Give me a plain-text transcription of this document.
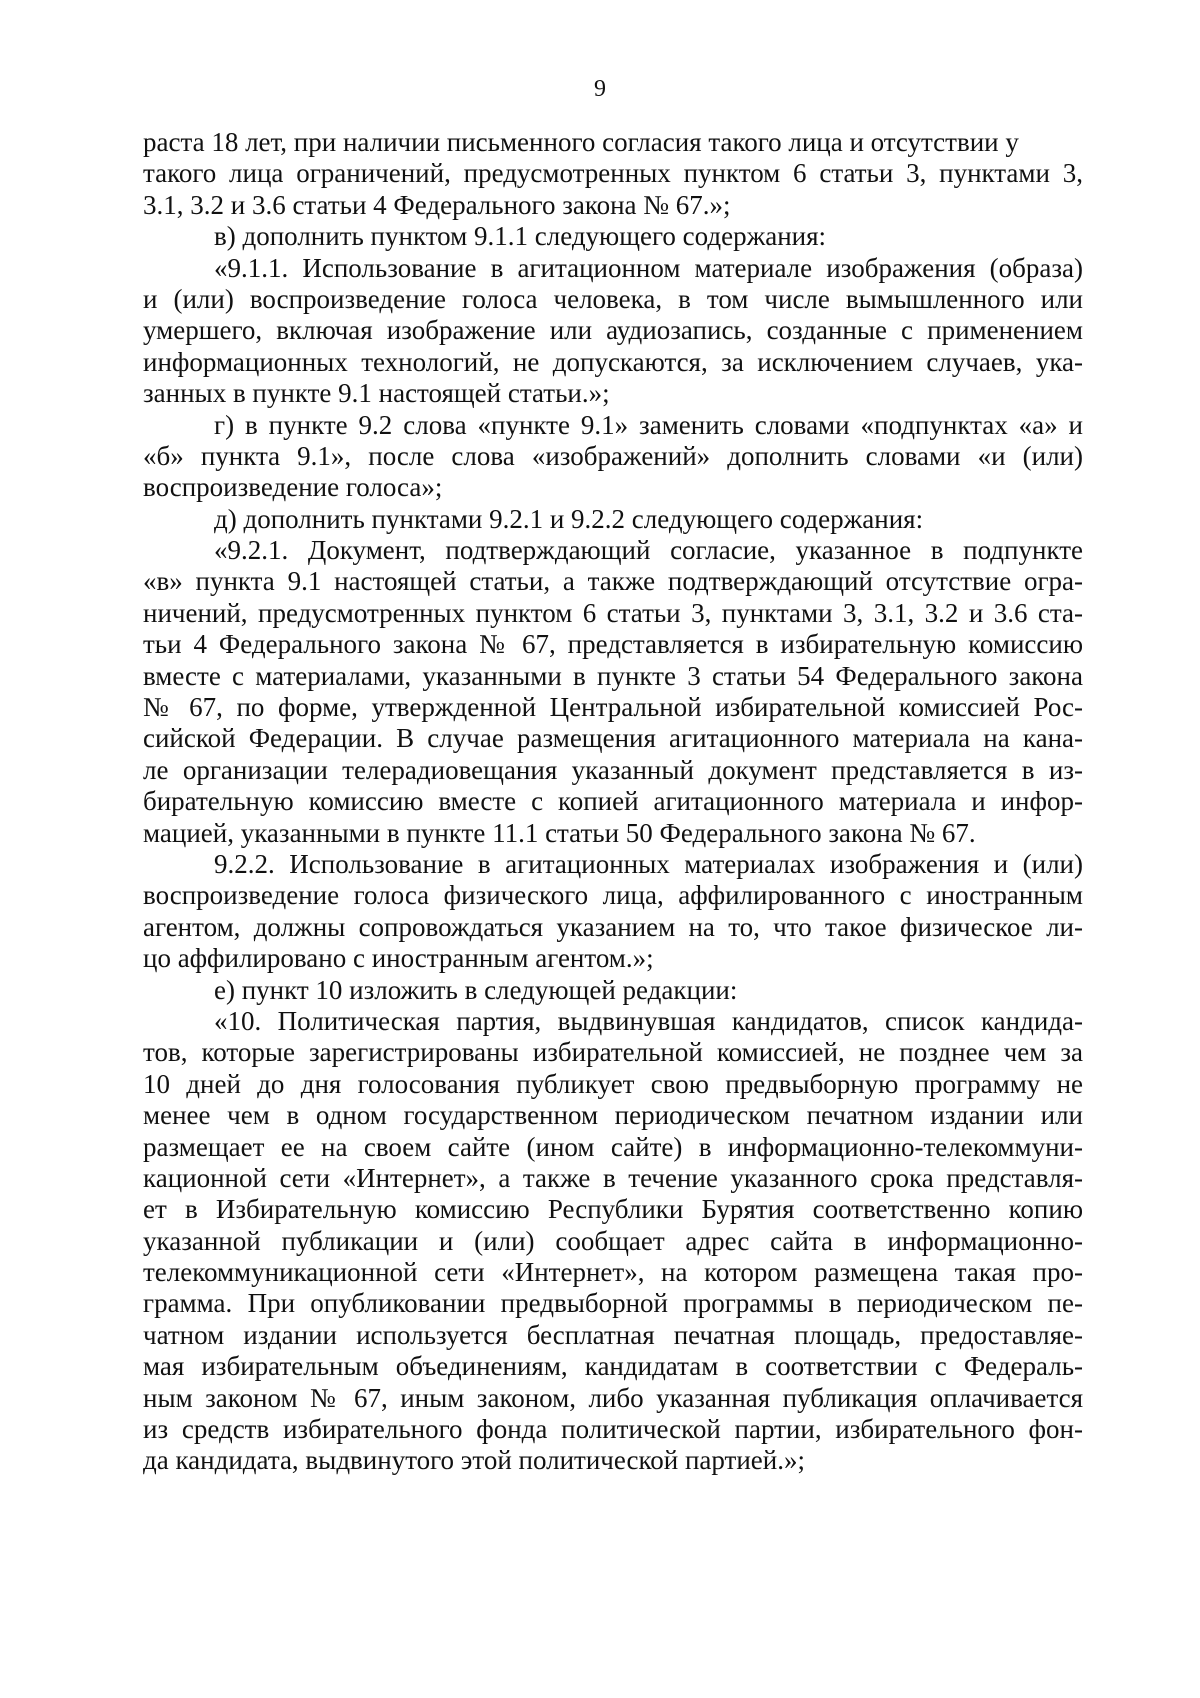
9
раста 18 лет, при наличии письменного согласия такого лица и отсутствии у
такого лица ограничений, предусмотренных пунктом 6 статьи 3, пунктами 3,
3.1, 3.2 и 3.6 статьи 4 Федерального закона № 67.»;
в) дополнить пунктом 9.1.1 следующего содержания:
«9.1.1. Использование в агитационном материале изображения (образа)
и (или) воспроизведение голоса человека, в том числе вымышленного или
умершего, включая изображение или аудиозапись, созданные с применением
информационных технологий, не допускаются, за исключением случаев, ука-
занных в пункте 9.1 настоящей статьи.»;
г) в пункте 9.2 слова «пункте 9.1» заменить словами «подпунктах «а» и
«б» пункта 9.1», после слова «изображений» дополнить словами «и (или)
воспроизведение голоса»;
д) дополнить пунктами 9.2.1 и 9.2.2 следующего содержания:
«9.2.1. Документ, подтверждающий согласие, указанное в подпункте
«в» пункта 9.1 настоящей статьи, а также подтверждающий отсутствие огра-
ничений, предусмотренных пунктом 6 статьи 3, пунктами 3, 3.1, 3.2 и 3.6 ста-
тьи 4 Федерального закона № 67, представляется в избирательную комиссию
вместе с материалами, указанными в пункте 3 статьи 54 Федерального закона
№ 67, по форме, утвержденной Центральной избирательной комиссией Рос-
сийской Федерации. В случае размещения агитационного материала на кана-
ле организации телерадиовещания указанный документ представляется в из-
бирательную комиссию вместе с копией агитационного материала и инфор-
мацией, указанными в пункте 11.1 статьи 50 Федерального закона № 67.
9.2.2. Использование в агитационных материалах изображения и (или)
воспроизведение голоса физического лица, аффилированного с иностранным
агентом, должны сопровождаться указанием на то, что такое физическое ли-
цо аффилировано с иностранным агентом.»;
е) пункт 10 изложить в следующей редакции:
«10. Политическая партия, выдвинувшая кандидатов, список кандида-
тов, которые зарегистрированы избирательной комиссией, не позднее чем за
10 дней до дня голосования публикует свою предвыборную программу не
менее чем в одном государственном периодическом печатном издании или
размещает ее на своем сайте (ином сайте) в информационно-телекоммуни-
кационной сети «Интернет», а также в течение указанного срока представля-
ет в Избирательную комиссию Республики Бурятия соответственно копию
указанной публикации и (или) сообщает адрес сайта в информационно-
телекоммуникационной сети «Интернет», на котором размещена такая про-
грамма. При опубликовании предвыборной программы в периодическом пе-
чатном издании используется бесплатная печатная площадь, предоставляе-
мая избирательным объединениям, кандидатам в соответствии с Федераль-
ным законом № 67, иным законом, либо указанная публикация оплачивается
из средств избирательного фонда политической партии, избирательного фон-
да кандидата, выдвинутого этой политической партией.»;
